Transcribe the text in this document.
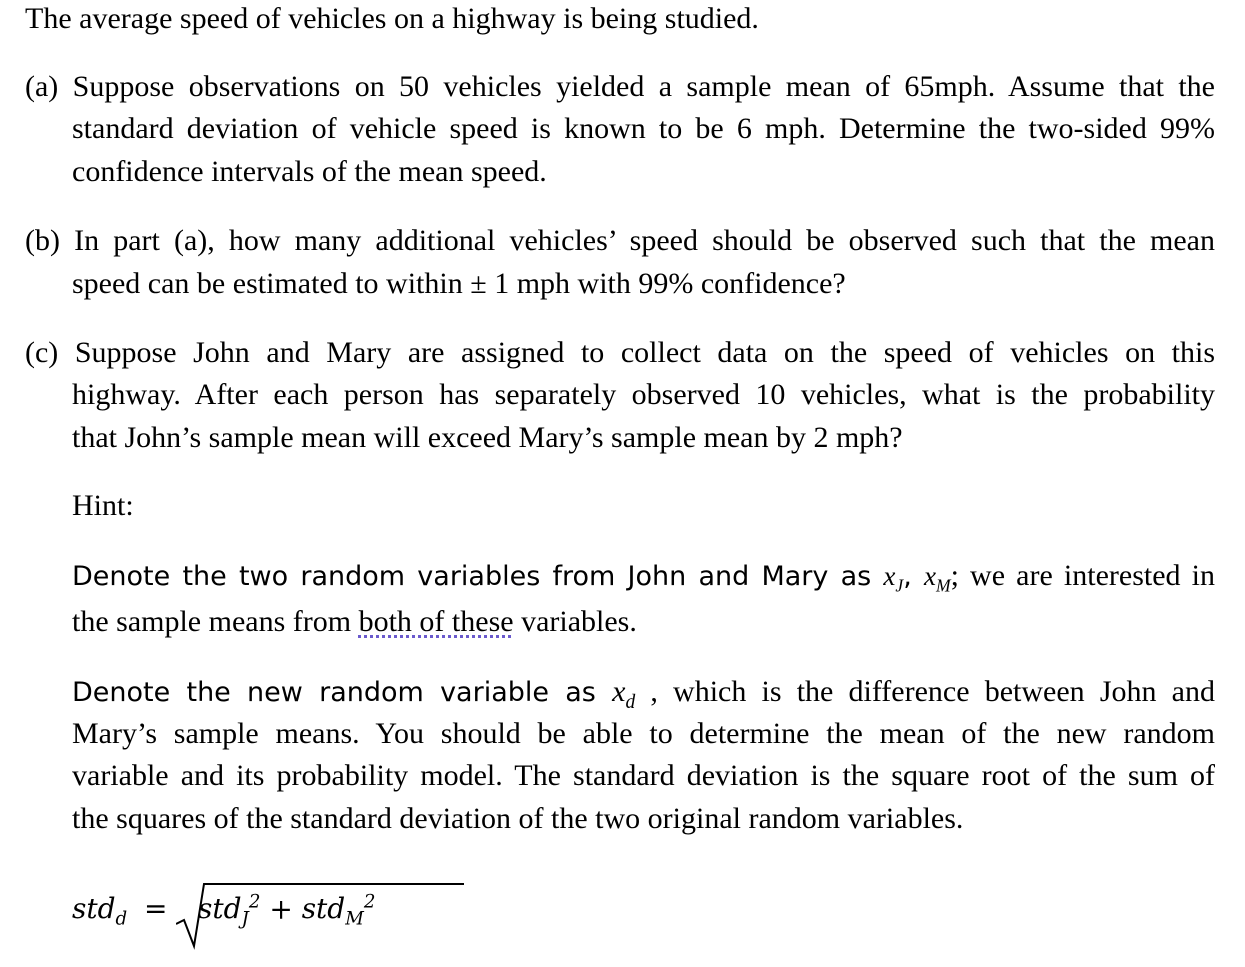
The average speed of vehicles on a highway is being studied.
(a) Suppose observations on 50 vehicles yielded a sample mean of 65mph. Assume that the
standard deviation of vehicle speed is known to be 6 mph. Determine the two-sided 99%
confidence intervals of the mean speed.
(b) In part (a), how many additional vehicles’ speed should be observed such that the mean
speed can be estimated to within ± 1 mph with 99% confidence?
(c) Suppose John and Mary are assigned to collect data on the speed of vehicles on this
highway. After each person has separately observed 10 vehicles, what is the probability
that John’s sample mean will exceed Mary’s sample mean by 2 mph?
Hint:
Denote the two random variables from John and Mary as $x_J$, $x_M$; we are interested in
the sample means from both of these variables.
Denote the new random variable as $x_d$ , which is the difference between John and
Mary’s sample means. You should be able to determine the mean of the new random
variable and its probability model. The standard deviation is the square root of the sum of
the squares of the standard deviation of the two original random variables.
std$_d$ = std$_J^2$ + std$_M^2$
